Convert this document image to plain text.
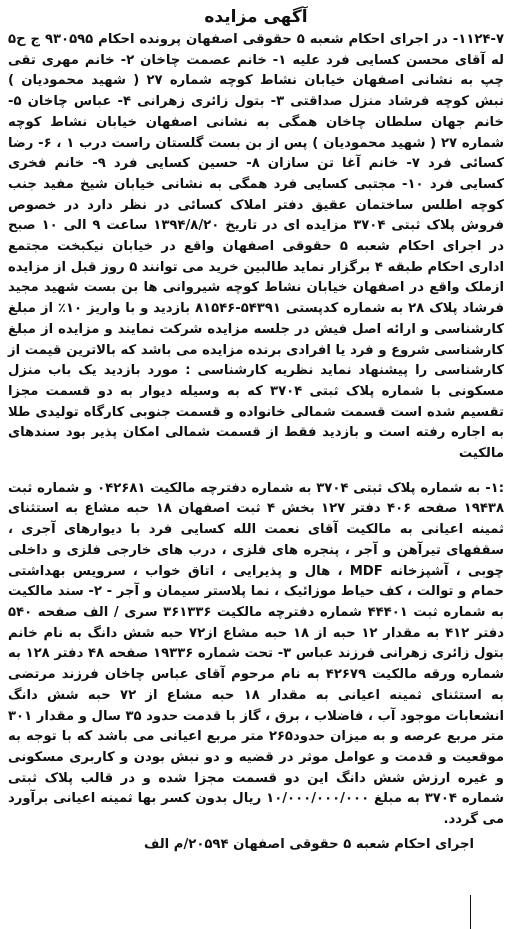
آگهی مزایده

۱۱۲۴-۷- در اجرای احکام شعبه ۵ حقوقی اصفهان پرونده احکام ۹۳۰۵۹۵ ج ح۵ له آقای محسن کسایی فرد علیه ۱- خانم عصمت چاخان ۲- خانم مهری تقی چپ به نشانی اصفهان خیابان نشاط کوچه شماره ۲۷ ( شهید محمودیان ) نبش کوچه فرشاد منزل صداقتی ۳- بتول زائری زهرانی ۴- عباس چاخان ۵- خانم جهان سلطان چاخان همگی به نشانی اصفهان خیابان نشاط کوچه شماره ۲۷ ( شهید محمودیان ) پس از بن بست گلستان راست درب ۱ ، ۶- رضا کسائی فرد ۷- خانم آغا تن سازان ۸- حسین کسایی فرد ۹- خانم فخری کسایی فرد ۱۰- مجتبی کسایی فرد همگی به نشانی خیابان شیخ مفید جنب کوچه اطلس ساختمان عقیق دفتر املاک کسائی در نظر دارد در خصوص فروش پلاک ثبتی ۳۷۰۴ مزایده ای در تاریخ ۱۳۹۴/۸/۲۰ ساعت ۹ الی ۱۰ صبح در اجرای احکام شعبه ۵ حقوقی اصفهان واقع در خیابان نیکبخت مجتمع اداری احکام طبقه ۴ برگزار نماید طالبین خرید می توانند ۵ روز قبل از مزایده ازملک واقع در اصفهان خیابان نشاط کوچه شیروانی ها بن بست شهید مجید فرشاد پلاک ۲۸ به شماره کدپستی ۵۴۳۹۱-۸۱۵۴۶ بازدید و با واریز ۱۰٪ از مبلغ کارشناسی و ارائه اصل فیش در جلسه مزایده شرکت نمایند و مزایده از مبلغ کارشناسی شروع و فرد یا افرادی برنده مزایده می باشد که بالاترین قیمت از کارشناسی را پیشنهاد نماید نظریه کارشناسی : مورد بازدید یک باب منزل مسکونی با شماره پلاک ثبتی ۳۷۰۴ که به وسیله دیوار به دو قسمت مجزا تقسیم شده است قسمت شمالی خانواده و قسمت جنوبی کارگاه تولیدی طلا به اجاره رفته است و بازدید فقط از قسمت شمالی امکان پذیر بود سندهای مالکیت

:۱- به شماره پلاک ثبتی ۳۷۰۴ به شماره دفترچه مالکیت ۰۴۲۶۸۱ و شماره ثبت ۱۹۴۳۸ صفحه ۴۰۶ دفتر ۱۲۷ بخش ۴ ثبت اصفهان ۱۸ حبه مشاع به استثنای ثمینه اعیانی به مالکیت آقای نعمت الله کسایی فرد با دیوارهای آجری ، سقفهای تیرآهن و آجر ، پنجره های فلزی ، درب های خارجی فلزی و داخلی چوبی ، آشپزخانه MDF ، هال و پذیرایی ، اتاق خواب ، سرویس بهداشتی حمام و توالت ، کف حیاط موزائیک ، نما پلاستر سیمان و آجر - ۲- سند مالکیت به شماره ثبت ۴۴۴۰۱ شماره دفترچه مالکیت ۳۶۱۳۳۶ سری / الف صفحه ۵۴۰ دفتر ۴۱۲ به مقدار ۱۲ حبه از ۱۸ حبه مشاع از۷۲ حبه شش دانگ به نام خانم بتول زائری زهرانی فرزند عباس ۳- تحت شماره ۱۹۳۳۶ صفحه ۴۸ دفتر ۱۲۸ به شماره ورقه مالکیت ۴۲۶۷۹ به نام مرحوم آقای عباس چاخان فرزند مرتضی به استثنای ثمینه اعیانی به مقدار ۱۸ حبه مشاع از ۷۲ حبه شش دانگ انشعابات موجود آب ، فاضلاب ، برق ، گاز با قدمت حدود ۳۵ سال و مقدار ۳۰۱ متر مربع عرصه و به میزان حدود۲۶۵ متر مربع اعیانی می باشد که با توجه به موقعیت و قدمت و عوامل موثر در قضیه و دو نبش بودن و کاربری مسکونی و غیره ارزش شش دانگ این دو قسمت مجزا شده و در قالب پلاک ثبتی شماره ۳۷۰۴ به مبلغ ۱۰/۰۰۰/۰۰۰/۰۰۰ ریال بدون کسر بها ثمینه اعیانی برآورد می گردد.

اجرای احکام شعبه ۵ حقوقی اصفهان ۲۰۵۹۴/م الف
